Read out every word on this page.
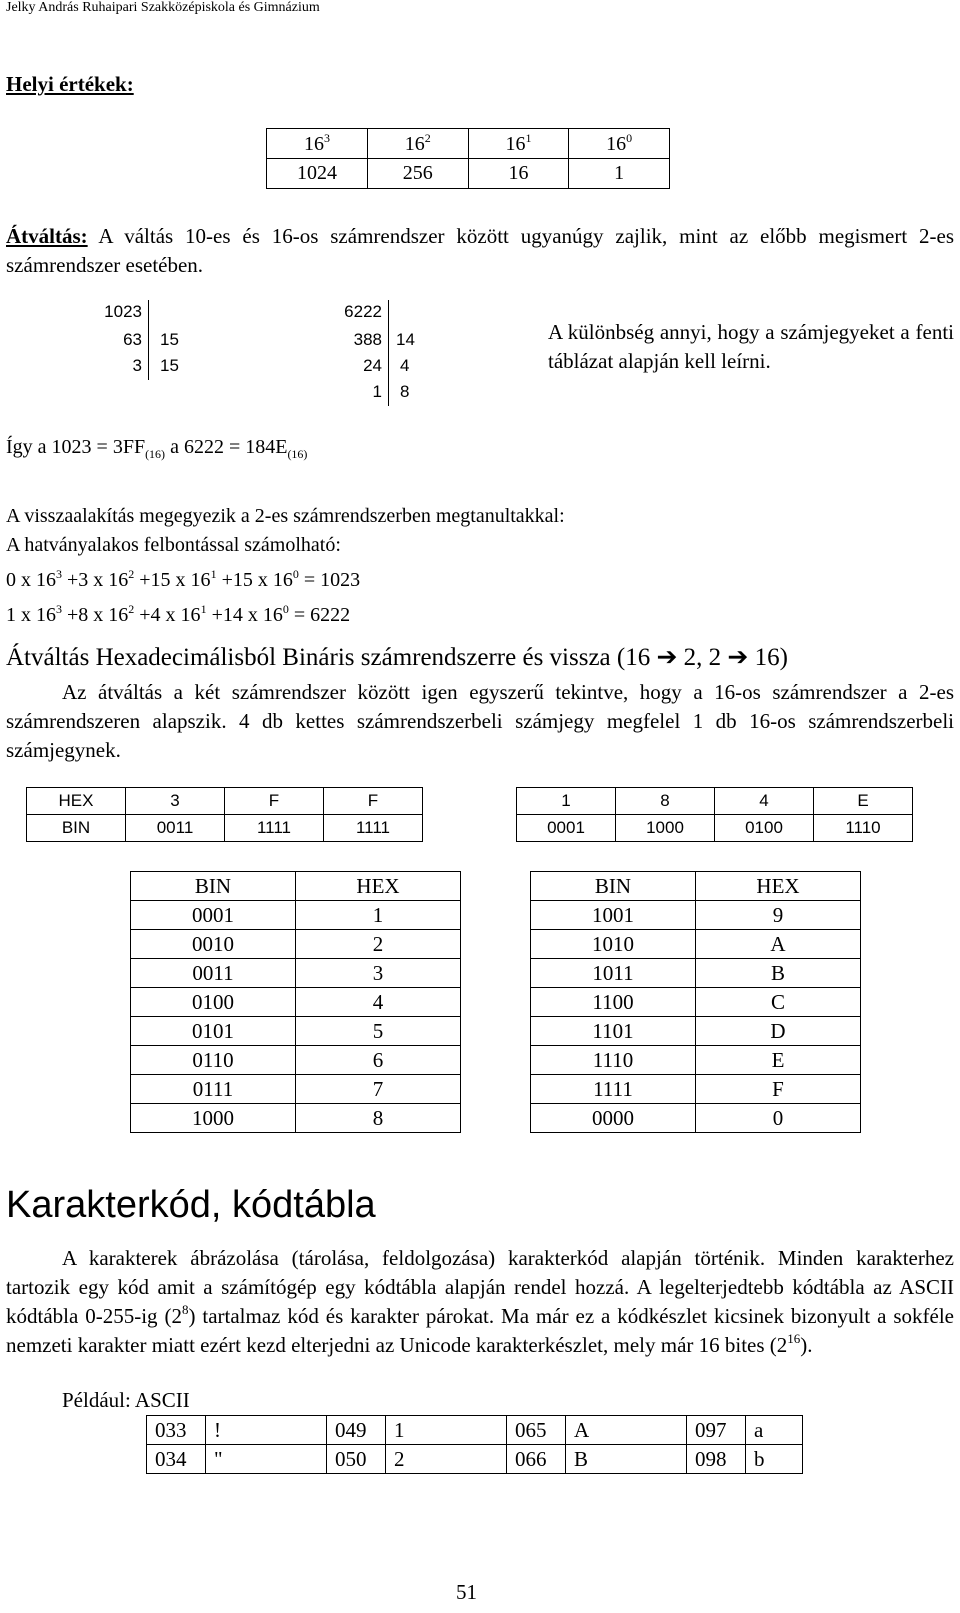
Jelky András Ruhaipari Szakközépiskola és Gimnázium
Helyi értékek:
$16^3$	$16^2$	$16^1$	$16^0$
1024	256	16	1
Átváltás: A váltás 10-es és 16-os számrendszer között ugyanúgy zajlik, mint az előbb megismert 2-es számrendszer esetében.
1023
63 15
3 15
6222
388 14
24 4
1 8
A különbség annyi, hogy a számjegyeket a fenti táblázat alapján kell leírni.
Így a $1023 = 3FF_{(16)}$ a $6222 = 184E_{(16)}$
A visszaalakítás megegyezik a 2-es számrendszerben megtanultakkal:
A hatványalakos felbontással számolható:
0 x $16^3 +3$ x $16^2 +15$ x $16^1 +15$ x $16^0 = 1023$
1 x $16^3 +8$ x $16^2 +4$ x $16^1 +14$ x $16^0 = 6222$
Átváltás Hexadecimálisból Bináris számrendszerre és vissza (16 ➔ 2, 2 ➔ 16)
Az átváltás a két számrendszer között igen egyszerű tekintve, hogy a 16-os számrendszer a 2-es számrendszeren alapszik. 4 db kettes számrendszerbeli számjegy megfelel 1 db 16-os számrendszerbeli számjegynek.
HEX	3	F	F
BIN	0011	1111	1111
1	8	4	E
0001	1000	0100	1110
BIN	HEX
0001	1
0010	2
0011	3
0100	4
0101	5
0110	6
0111	7
1000	8
BIN	HEX
1001	9
1010	A
1011	B
1100	C
1101	D
1110	E
1111	F
0000	0
Karakterkód, kódtábla
A karakterek ábrázolása (tárolása, feldolgozása) karakterkód alapján történik. Minden karakterhez tartozik egy kód amit a számítógép egy kódtábla alapján rendel hozzá. A legelterjedtebb kódtábla az ASCII kódtábla 0-255-ig $(2^8)$ tartalmaz kód és karakter párokat. Ma már ez a kódkészlet kicsinek bizonyult a sokféle nemzeti karakter miatt ezért kezd elterjedni az Unicode karakterkészlet, mely már 16 bites $(2^{16})$.
Például: ASCII
033	!	049	1	065	A	097	a
034	"	050	2	066	B	098	b
51
